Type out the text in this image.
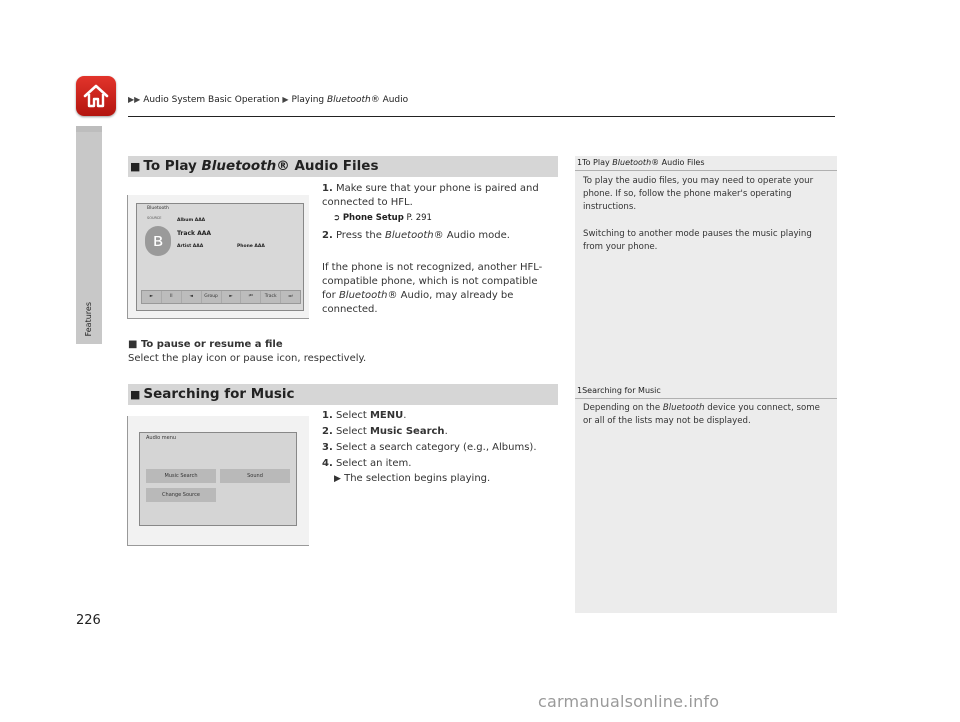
▶▶ Audio System Basic Operation ▶ Playing Bluetooth® Audio
Features
226
■ To Play Bluetooth® Audio Files	1To Play Bluetooth® Audio Files
To play the audio files, you may need to operate your phone. If so, follow the phone maker's operating instructions.
Switching to another mode pauses the music playing from your phone.
Bluetooth
SOURCE
ʙ
Album AAA
Track AAA
Artist AAA	Phone AAA
►	II	◄	Group	►	⏮	Track	⏭
1. Make sure that your phone is paired and connected to HFL.
➲ Phone Setup P. 291
2. Press the Bluetooth® Audio mode.
If the phone is not recognized, another HFL-compatible phone, which is not compatible for Bluetooth® Audio, may already be connected.
■ To pause or resume a file
Select the play icon or pause icon, respectively.
■ Searching for Music	1Searching for Music
Depending on the Bluetooth device you connect, some or all of the lists may not be displayed.
Audio menu
Music Search	Sound
Change Source
1. Select MENU.
2. Select Music Search.
3. Select a search category (e.g., Albums).
4. Select an item.
▶ The selection begins playing.
carmanualsonline.info
